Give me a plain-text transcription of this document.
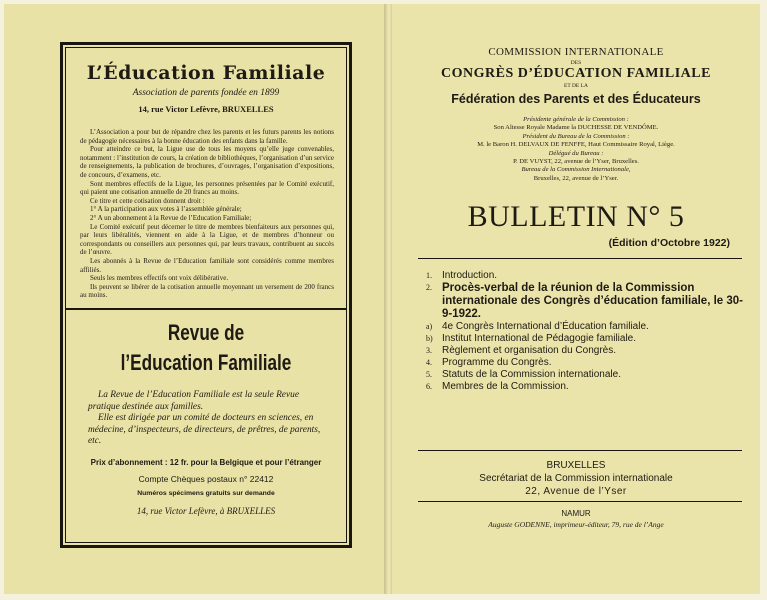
L’Éducation Familiale
Association de parents fondée en 1899
14, rue Victor Lefèvre, BRUXELLES

L’Association a pour but de répandre chez les parents et les futurs parents les notions de pédagogie nécessaires à la bonne éducation des enfants dans la famille.

Pour atteindre ce but, la Ligue use de tous les moyens qu’elle juge convenables, notamment : l’institution de cours, la création de bibliothèques, l’organisation d’un service de renseignements, la publication de brochures, d’ouvrages, l’organisation d’expositions, de concours, d’examens, etc.

Sont membres effectifs de la Ligue, les personnes présentées par le Comité exécutif, qui paient une cotisation annuelle de 20 francs au moins.

Ce titre et cette cotisation donnent droit :

1° A la participation aux votes à l’assemblée générale;

2° A un abonnement à la Revue de l’Education Familiale;

Le Comité exécutif peut décerner le titre de membres bienfaiteurs aux personnes qui, par leurs libéralités, viennent en aide à la Ligue, et de membres d’honneur ou correspondants ou conseillers aux personnes qui, par leurs travaux, contribuent au succès de l’œuvre.

Les abonnés à la Revue de l’Education familiale sont considérés comme membres affiliés.

Seuls les membres effectifs ont voix délibérative.

Ils peuvent se libérer de la cotisation annuelle moyennant un versement de 200 francs au moins.

Revue de
l’Education Familiale

La Revue de l’Education Familiale est la seule Revue pratique destinée aux familles.

Elle est dirigée par un comité de docteurs en sciences, en médecine, d’inspecteurs, de directeurs, de prêtres, de parents, etc.

Prix d’abonnement : 12 fr. pour la Belgique et pour l’étranger
Compte Chèques postaux n° 22412
Numéros spécimens gratuits sur demande
14, rue Victor Lefèvre, à BRUXELLES
COMMISSION INTERNATIONALE
DES
CONGRÈS D’ÉDUCATION FAMILIALE
ET DE LA
Fédération des Parents et des Éducateurs
Présidente générale de la Commission :
Son Altesse Royale Madame la DUCHESSE DE VENDÔME.
Président du Bureau de la Commission :
M. le Baron H. DELVAUX DE FENFFE, Haut Commissaire Royal, Liège.
Délégué du Bureau :
P. DE VUYST, 22, avenue de l’Yser, Bruxelles.
Bureau de la Commission Internationale,
Bruxelles, 22, avenue de l’Yser.
BULLETIN N° 5
(Édition d’Octobre 1922)
1.	Introduction.
2. Procès-verbal de la réunion de la Commission internationale des Congrès d’éducation familiale, le 30-9-1922.
a) 4e Congrès International d’Éducation familiale.
b) Institut International de Pédagogie familiale.
3.	Règlement et organisation du Congrès.
4.	Programme du Congrès.
5.	Statuts de la Commission internationale.
6.	Membres de la Commission.
BRUXELLES
Secrétariat de la Commission internationale
22, Avenue de l’Yser
NAMUR
Auguste GODENNE, imprimeur-éditeur, 79, rue de l’Ange
